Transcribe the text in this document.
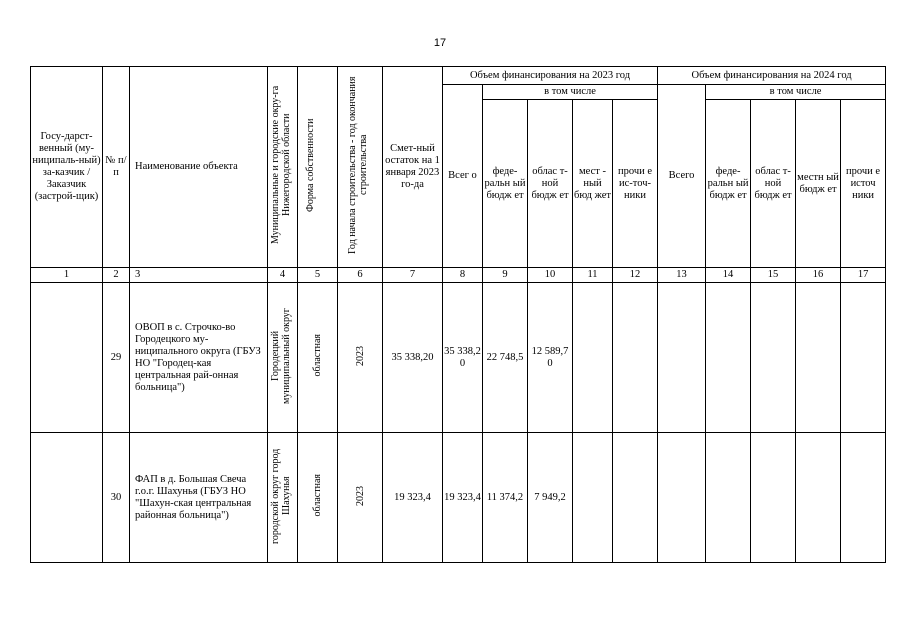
17
Госу-дарст-венный (му-ниципаль-ный) за-казчик / Заказчик (застрой-щик)	№ п/ п	Наименование объекта	Муниципальные и городские окру-га Нижегородской области	Форма собственности	Год начала строительства - год окончания строительства	Смет-ный остаток на 1 января 2023 го-да	Объем финансирования на 2023 год					Объем финансирования на 2024 год				
							Всег о	в том числе				Всего	в том числе			
								феде-ральн ый бюдж ет	облас т-ной бюдж ет	мест - ный бюд жет	прочи е ис-точ-ники		феде-ральн ый бюдж ет	облас т-ной бюдж ет	местн ый бюдж ет	прочи е источ ники
1	2	3	4	5	6	7	8	9	10	11	12	13	14	15	16	17
	29	ОВОП в с. Строчко-во Городецкого му-ниципального округа (ГБУЗ НО "Городец-кая центральная рай-онная больница")	Городецкий муниципальный округ	областная	2023	35 338,20	35 338,2 0	22 748,5	12 589,7 0							
	30	ФАП в д. Большая Свеча г.о.г. Шахунья (ГБУЗ НО "Шахун-ская центральная районная больница")	городской округ город Шахунья	областная	2023	19 323,4	19 323,4	11 374,2	7 949,2							
